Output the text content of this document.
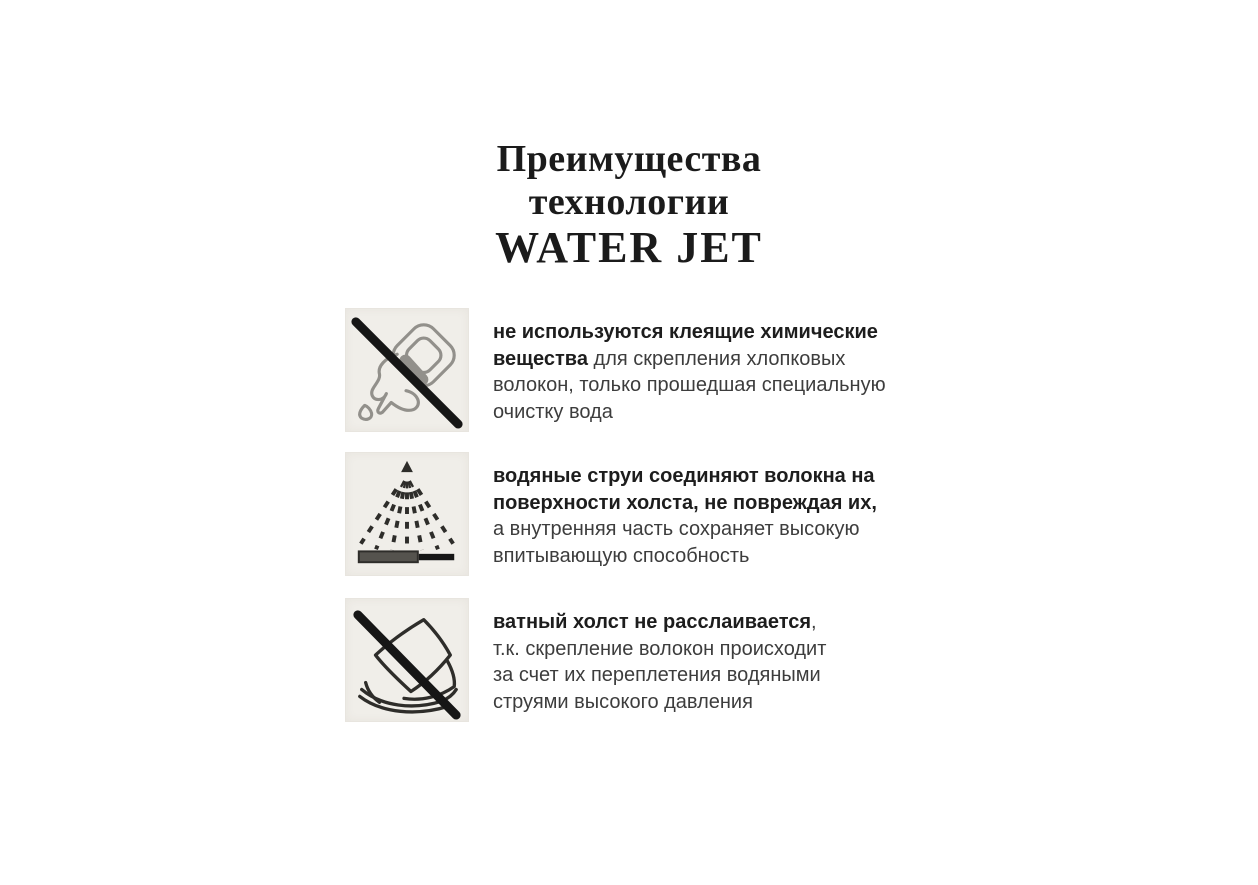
Преимущества
технологии
WATER JET

не используются клеящие химические
вещества для скрепления хлопковых
волокон, только прошедшая специальную
очистку вода

водяные струи соединяют волокна на
поверхности холста, не повреждая их,
а внутренняя часть сохраняет высокую
впитывающую способность

ватный холст не расслаивается,
т.к. скрепление волокон происходит
за счет их переплетения водяными
струями высокого давления
